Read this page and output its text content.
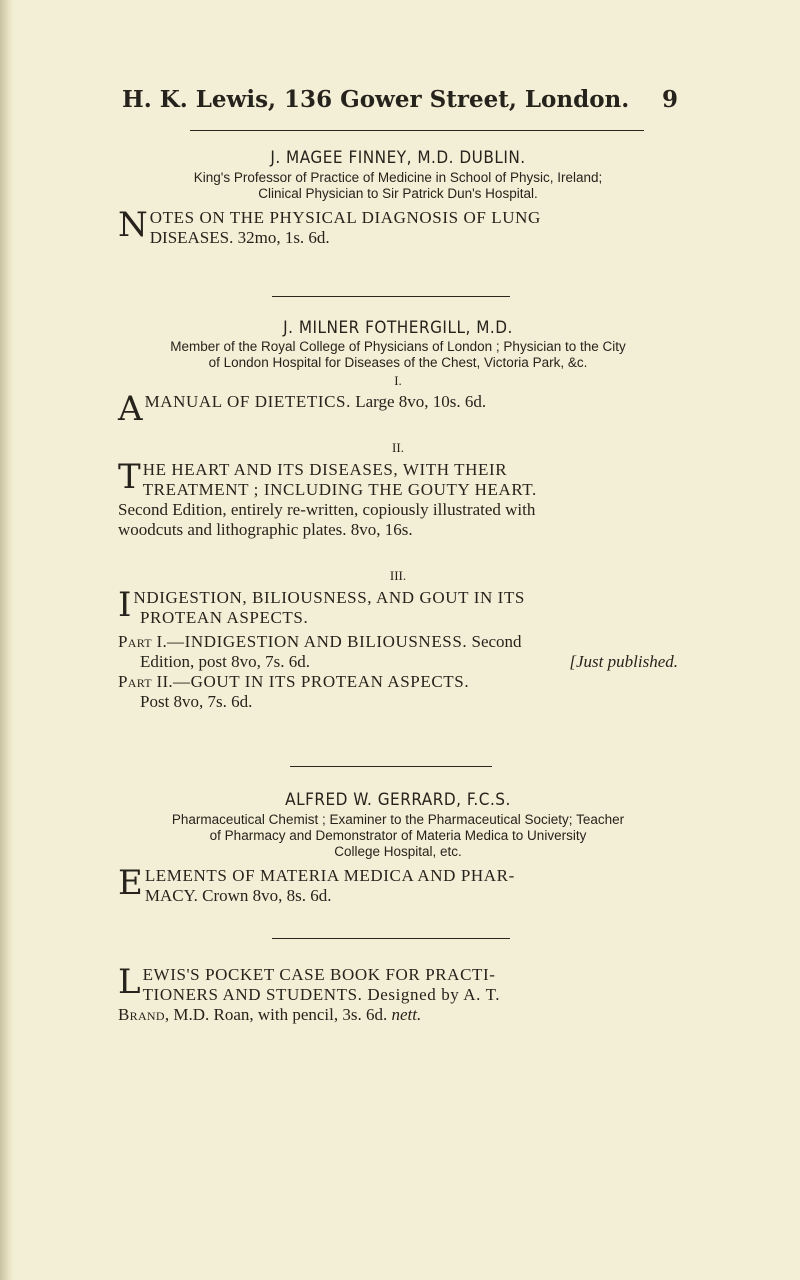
H. K. Lewis, 136 Gower Street, London. 9
J. MAGEE FINNEY, M.D. DUBLIN.
King's Professor of Practice of Medicine in School of Physic, Ireland;
Clinical Physician to Sir Patrick Dun's Hospital.
N OTES ON THE PHYSICAL DIAGNOSIS OF LUNG
DISEASES. 32mo, 1s. 6d.
J. MILNER FOTHERGILL, M.D.
Member of the Royal College of Physicians of London ; Physician to the City
of London Hospital for Diseases of the Chest, Victoria Park, &c.
I.
A MANUAL OF DIETETICS. Large 8vo, 10s. 6d.
II.
T HE HEART AND ITS DISEASES, WITH THEIR
TREATMENT ; INCLUDING THE GOUTY HEART.
Second Edition, entirely re-written, copiously illustrated with
woodcuts and lithographic plates. 8vo, 16s.
III.
I NDIGESTION, BILIOUSNESS, AND GOUT IN ITS
PROTEAN ASPECTS.
Part I.—INDIGESTION AND BILIOUSNESS. Second
Edition, post 8vo, 7s. 6d.	[Just published.
Part II.—GOUT IN ITS PROTEAN ASPECTS.
Post 8vo, 7s. 6d.
ALFRED W. GERRARD, F.C.S.
Pharmaceutical Chemist ; Examiner to the Pharmaceutical Society; Teacher
of Pharmacy and Demonstrator of Materia Medica to University
College Hospital, etc.
E LEMENTS OF MATERIA MEDICA AND PHAR-
MACY. Crown 8vo, 8s. 6d.
L EWIS'S POCKET CASE BOOK FOR PRACTI-
TIONERS AND STUDENTS. Designed by A. T.
Brand, M.D. Roan, with pencil, 3s. 6d. nett.
